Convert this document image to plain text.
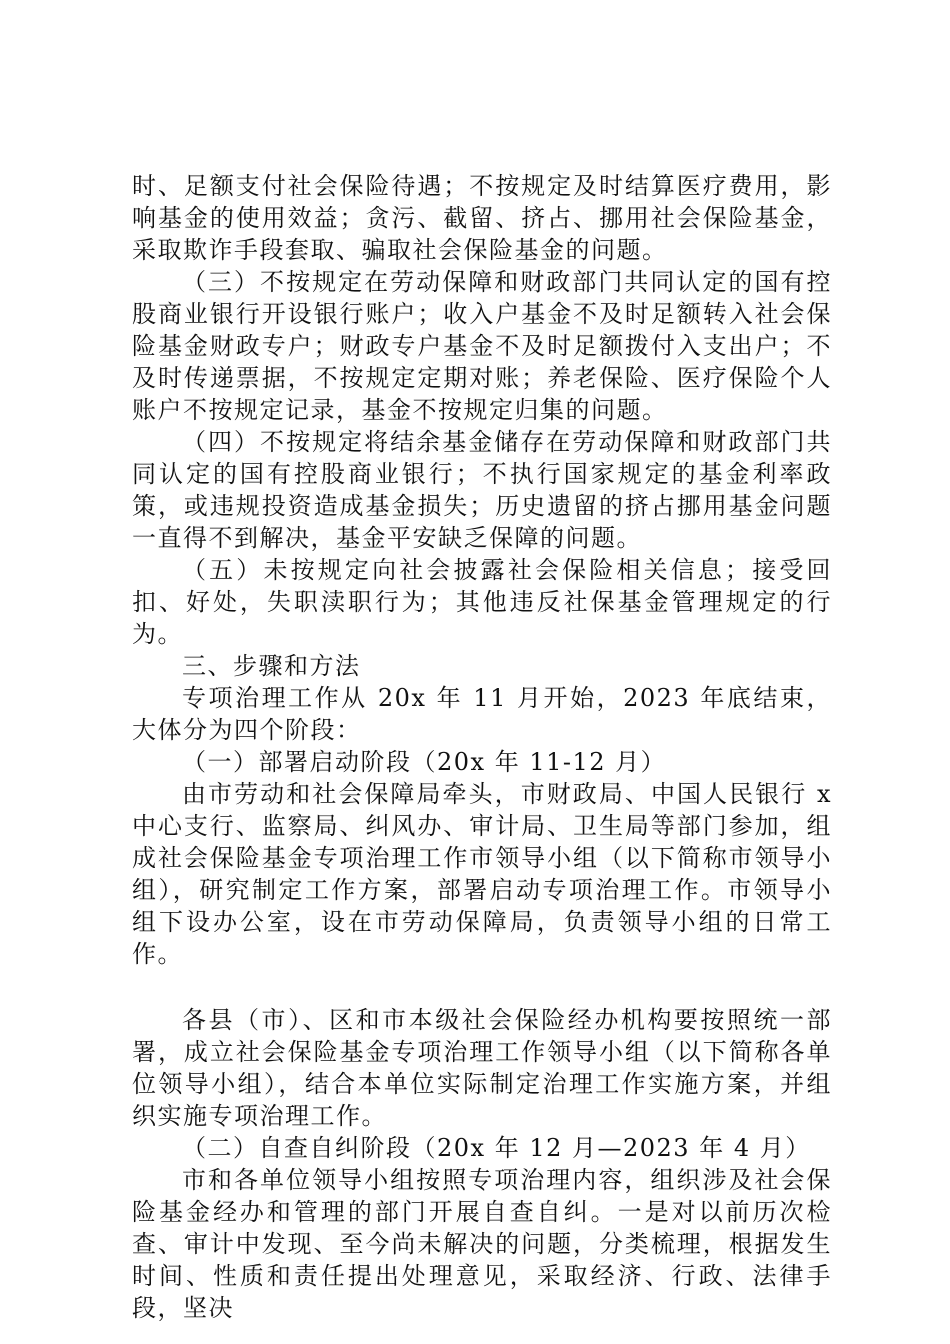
时、足额支付社会保险待遇；不按规定及时结算医疗费用，影响基金的使用效益；贪污、截留、挤占、挪用社会保险基金，采取欺诈手段套取、骗取社会保险基金的问题。

（三）不按规定在劳动保障和财政部门共同认定的国有控股商业银行开设银行账户；收入户基金不及时足额转入社会保险基金财政专户；财政专户基金不及时足额拨付入支出户；不及时传递票据，不按规定定期对账；养老保险、医疗保险个人账户不按规定记录，基金不按规定归集的问题。

（四）不按规定将结余基金储存在劳动保障和财政部门共同认定的国有控股商业银行；不执行国家规定的基金利率政策，或违规投资造成基金损失；历史遗留的挤占挪用基金问题一直得不到解决，基金平安缺乏保障的问题。

（五）未按规定向社会披露社会保险相关信息；接受回扣、好处，失职渎职行为；其他违反社保基金管理规定的行为。

三、步骤和方法

专项治理工作从 20x 年 11 月开始，2023 年底结束，大体分为四个阶段：

（一）部署启动阶段（20x 年 11-12 月）

由市劳动和社会保障局牵头，市财政局、中国人民银行 x 中心支行、监察局、纠风办、审计局、卫生局等部门参加，组成社会保险基金专项治理工作市领导小组（以下简称市领导小组），研究制定工作方案，部署启动专项治理工作。市领导小组下设办公室，设在市劳动保障局，负责领导小组的日常工作。

各县（市）、区和市本级社会保险经办机构要按照统一部署，成立社会保险基金专项治理工作领导小组（以下简称各单位领导小组），结合本单位实际制定治理工作实施方案，并组织实施专项治理工作。

（二）自查自纠阶段（20x 年 12 月—2023 年 4 月）

市和各单位领导小组按照专项治理内容，组织涉及社会保险基金经办和管理的部门开展自查自纠。一是对以前历次检查、审计中发现、至今尚未解决的问题，分类梳理，根据发生时间、性质和责任提出处理意见，采取经济、行政、法律手段，坚决
